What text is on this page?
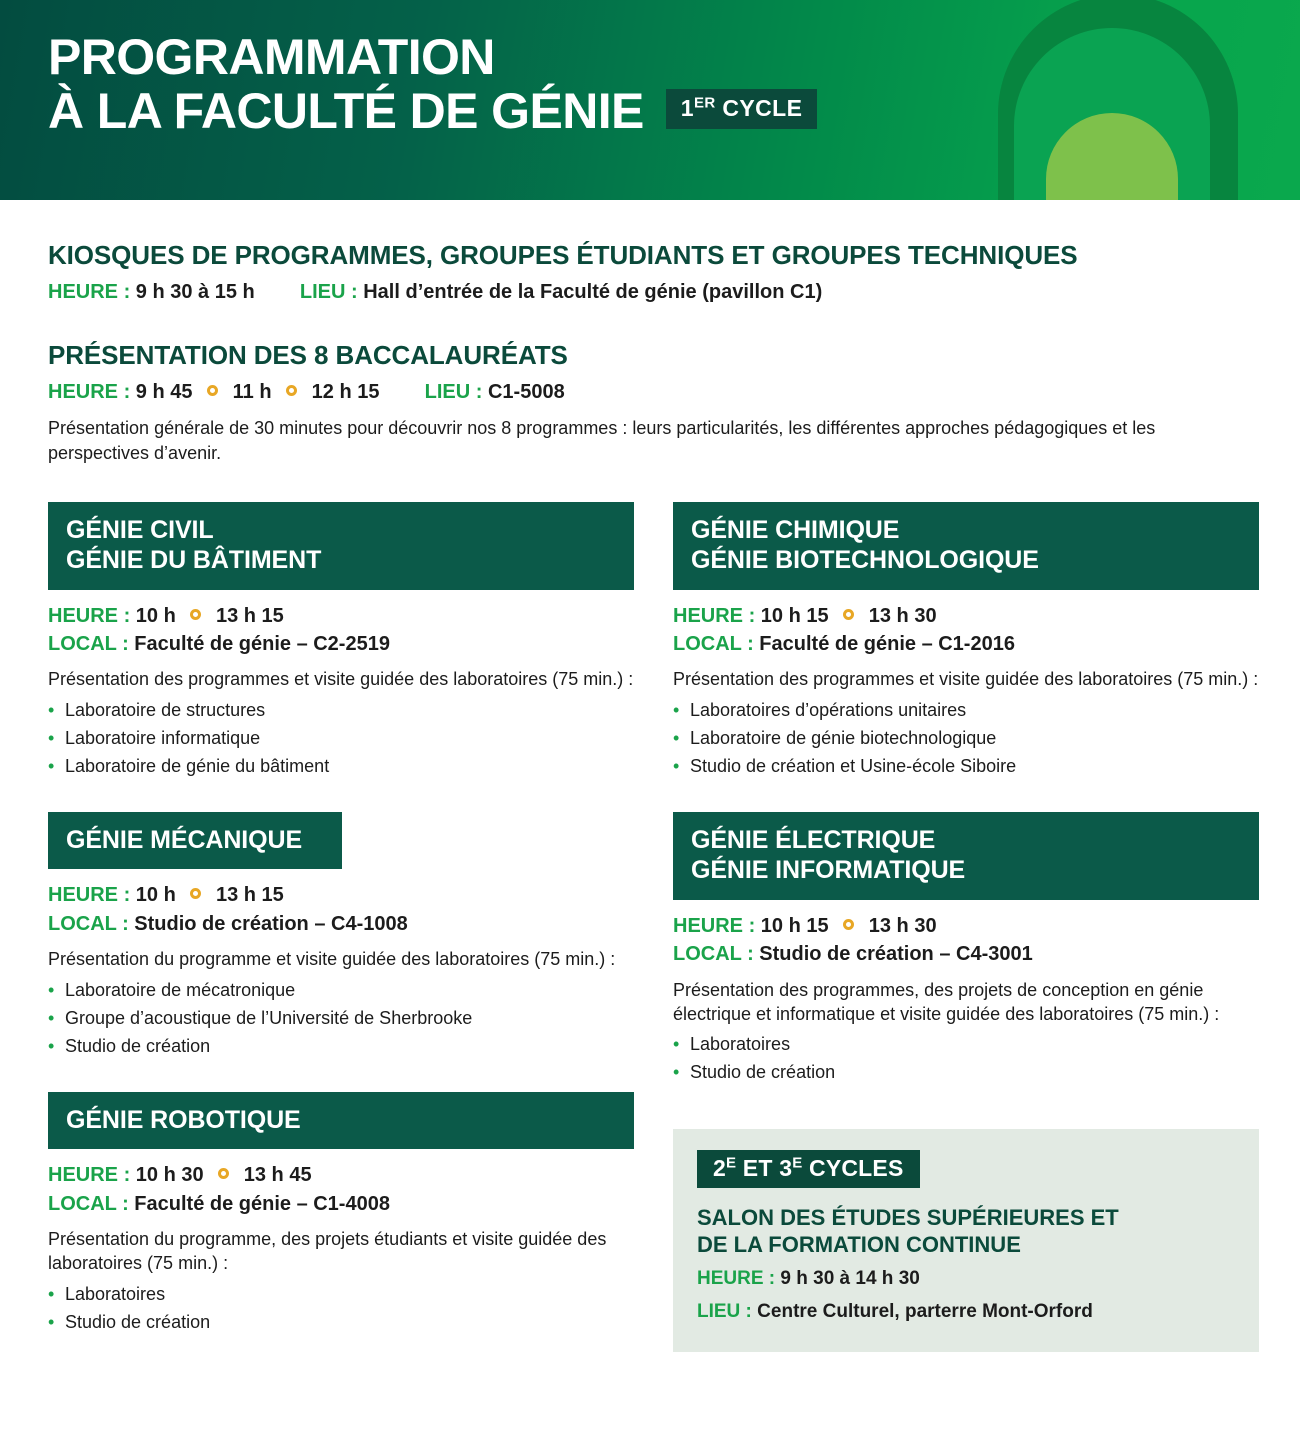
PROGRAMMATION
À LA FACULTÉ DE GÉNIE	1ER CYCLE
KIOSQUES DE PROGRAMMES, GROUPES ÉTUDIANTS ET GROUPES TECHNIQUES
HEURE : 9 h 30 à 15 h LIEU : Hall d’entrée de la Faculté de génie (pavillon C1)
PRÉSENTATION DES 8 BACCALAURÉATS
HEURE : 9 h 45 11 h 12 h 15 LIEU : C1-5008
Présentation générale de 30 minutes pour découvrir nos 8 programmes : leurs particularités, les différentes approches pédagogiques et les perspectives d’avenir.
GÉNIE CIVIL
GÉNIE DU BÂTIMENT
HEURE : 10 h 13 h 15
LOCAL : Faculté de génie – C2-2519
Présentation des programmes et visite guidée des laboratoires (75 min.) :
• Laboratoire de structures
• Laboratoire informatique
• Laboratoire de génie du bâtiment
GÉNIE MÉCANIQUE
HEURE : 10 h 13 h 15
LOCAL : Studio de création – C4-1008
Présentation du programme et visite guidée des laboratoires (75 min.) :
• Laboratoire de mécatronique
• Groupe d’acoustique de l’Université de Sherbrooke
• Studio de création
GÉNIE ROBOTIQUE
HEURE : 10 h 30 13 h 45
LOCAL : Faculté de génie – C1-4008
Présentation du programme, des projets étudiants et visite guidée des laboratoires (75 min.) :
• Laboratoires
• Studio de création
GÉNIE CHIMIQUE
GÉNIE BIOTECHNOLOGIQUE
HEURE : 10 h 15 13 h 30
LOCAL : Faculté de génie – C1-2016
Présentation des programmes et visite guidée des laboratoires (75 min.) :
• Laboratoires d’opérations unitaires
• Laboratoire de génie biotechnologique
• Studio de création et Usine-école Siboire
GÉNIE ÉLECTRIQUE
GÉNIE INFORMATIQUE
HEURE : 10 h 15 13 h 30
LOCAL : Studio de création – C4-3001
Présentation des programmes, des projets de conception en génie électrique et informatique et visite guidée des laboratoires (75 min.) :
• Laboratoires
• Studio de création
$2^E$ ET $3^E$ CYCLES
SALON DES ÉTUDES SUPÉRIEURES ET
DE LA FORMATION CONTINUE
HEURE : 9 h 30 à 14 h 30
LIEU : Centre Culturel, parterre Mont-Orford
